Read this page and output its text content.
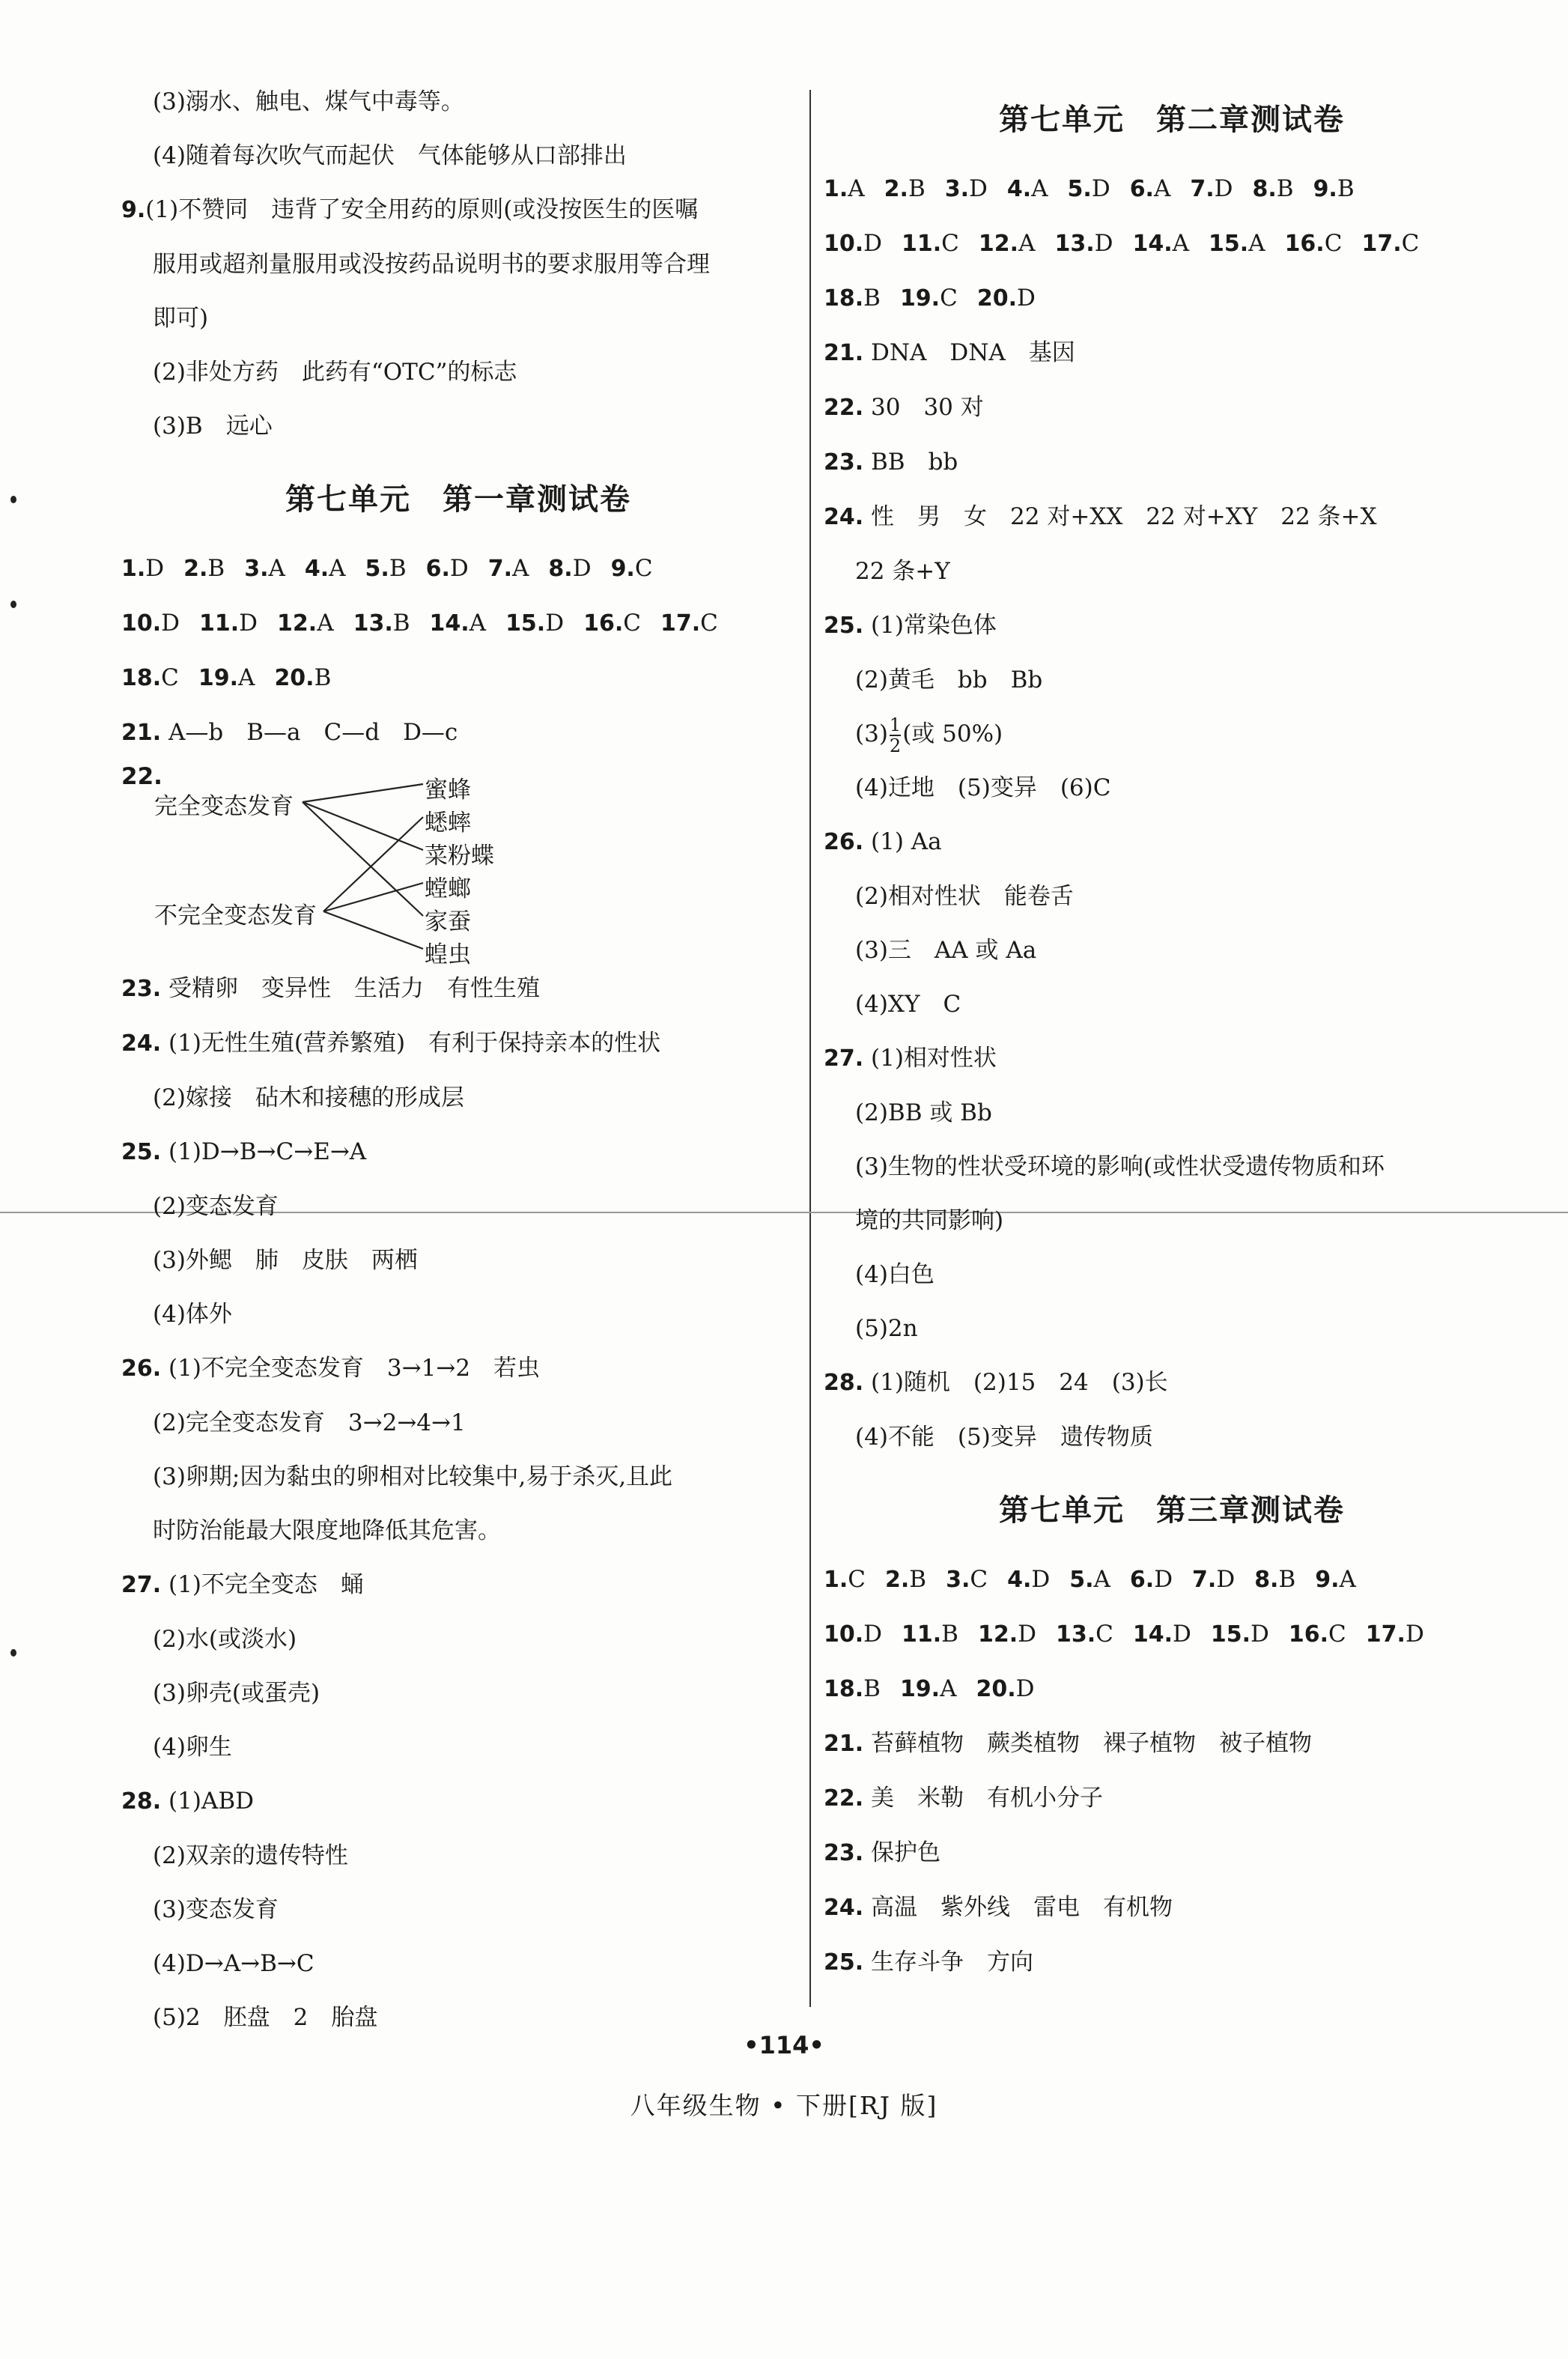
(3)溺水、触电、煤气中毒等。
(4)随着每次吹气而起伏　气体能够从口部排出
9.(1)不赞同　违背了安全用药的原则(或没按医生的医嘱
服用或超剂量服用或没按药品说明书的要求服用等合理
即可)
(2)非处方药　此药有“OTC”的标志
(3)B　远心
第七单元　第一章测试卷
1.D 2.B 3.A 4.A 5.B 6.D 7.A 8.D 9.C
10.D 11.D 12.A 13.B 14.A 15.D 16.C 17.C
18.C 19.A 20.B
21. A—b　B—a　C—d　D—c
22.
完全变态发育
不完全变态发育
蜜蜂
蟋蟀
菜粉蝶
螳螂
家蚕
蝗虫
23. 受精卵　变异性　生活力　有性生殖
24. (1)无性生殖(营养繁殖)　有利于保持亲本的性状
(2)嫁接　砧木和接穗的形成层
25. (1)D→B→C→E→A
(2)变态发育
(3)外鳃　肺　皮肤　两栖
(4)体外
26. (1)不完全变态发育　3→1→2　若虫
(2)完全变态发育　3→2→4→1
(3)卵期;因为黏虫的卵相对比较集中,易于杀灭,且此
时防治能最大限度地降低其危害。
27. (1)不完全变态　蛹
(2)水(或淡水)
(3)卵壳(或蛋壳)
(4)卵生
28. (1)ABD
(2)双亲的遗传特性
(3)变态发育
(4)D→A→B→C
(5)2　胚盘　2　胎盘
第七单元　第二章测试卷
1.A 2.B 3.D 4.A 5.D 6.A 7.D 8.B 9.B
10.D 11.C 12.A 13.D 14.A 15.A 16.C 17.C
18.B 19.C 20.D
21. DNA　DNA　基因
22. 30　30 对
23. BB　bb
24. 性　男　女　22 对+XX　22 对+XY　22 条+X
22 条+Y
25. (1)常染色体
(2)黄毛　bb　Bb
$(3) \frac{1}{2}$ (或 50%)
(4)迁地　(5)变异　(6)C
26. (1) Aa
(2)相对性状　能卷舌
(3)三　AA 或 Aa
(4)XY　C
27. (1)相对性状
(2)BB 或 Bb
(3)生物的性状受环境的影响(或性状受遗传物质和环
境的共同影响)
(4)白色
(5)2n
28. (1)随机　(2)15　24　(3)长
(4)不能　(5)变异　遗传物质
第七单元　第三章测试卷
1.C 2.B 3.C 4.D 5.A 6.D 7.D 8.B 9.A
10.D 11.B 12.D 13.C 14.D 15.D 16.C 17.D
18.B 19.A 20.D
21. 苔藓植物　蕨类植物　裸子植物　被子植物
22. 美　米勒　有机小分子
23. 保护色
24. 高温　紫外线　雷电　有机物
25. 生存斗争　方向
•114•
八年级生物 • 下册[RJ 版]
